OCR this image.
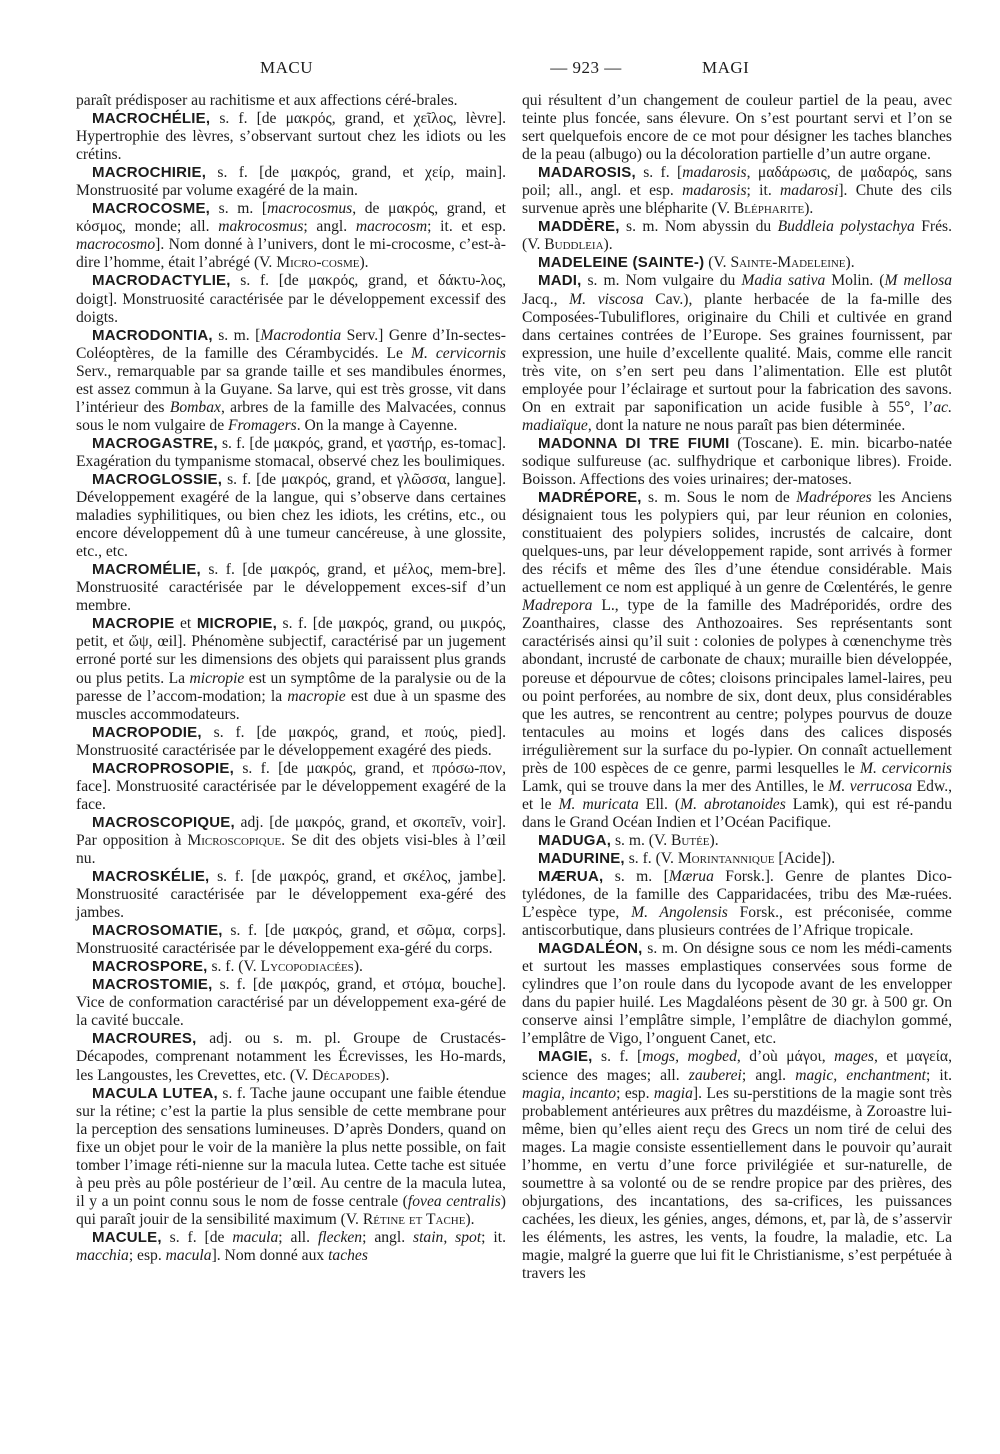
MACU	— 923 —	MAGI

paraît prédisposer au rachitisme et aux affections céré-brales.

MACROCHÉLIE, s. f. [de μακρός, grand, et χεῖλος, lèvre]. Hypertrophie des lèvres, s’observant surtout chez les idiots ou les crétins.

MACROCHIRIE, s. f. [de μακρός, grand, et χείρ, main]. Monstruosité par volume exagéré de la main.

MACROCOSME, s. m. [macrocosmus, de μακρός, grand, et κόσμος, monde; all. makrocosmus; angl. macrocosm; it. et esp. macrocosmo]. Nom donné à l’univers, dont le mi-crocosme, c’est-à-dire l’homme, était l’abrégé (V. Micro-cosme).

MACRODACTYLIE, s. f. [de μακρός, grand, et δάκτυ-λος, doigt]. Monstruosité caractérisée par le développement excessif des doigts.

MACRODONTIA, s. m. [Macrodontia Serv.] Genre d’In-sectes-Coléoptères, de la famille des Cérambycidés. Le M. cervicornis Serv., remarquable par sa grande taille et ses mandibules énormes, est assez commun à la Guyane. Sa larve, qui est très grosse, vit dans l’intérieur des Bombax, arbres de la famille des Malvacées, connus sous le nom vulgaire de Fromagers. On la mange à Cayenne.

MACROGASTRE, s. f. [de μακρός, grand, et γαστήρ, es-tomac]. Exagération du tympanisme stomacal, observé chez les boulimiques.

MACROGLOSSIE, s. f. [de μακρός, grand, et γλῶσσα, langue]. Développement exagéré de la langue, qui s’observe dans certaines maladies syphilitiques, ou bien chez les idiots, les crétins, etc., ou encore développement dû à une tumeur cancéreuse, à une glossite, etc., etc.

MACROMÉLIE, s. f. [de μακρός, grand, et μέλος, mem-bre]. Monstruosité caractérisée par le développement exces-sif d’un membre.

MACROPIE et MICROPIE, s. f. [de μακρός, grand, ou μικρός, petit, et ὤψ, œil]. Phénomène subjectif, caractérisé par un jugement erroné porté sur les dimensions des objets qui paraissent plus grands ou plus petits. La micropie est un symptôme de la paralysie ou de la paresse de l’accom-modation; la macropie est due à un spasme des muscles accommodateurs.

MACROPODIE, s. f. [de μακρός, grand, et πούς, pied]. Monstruosité caractérisée par le développement exagéré des pieds.

MACROPROSOPIE, s. f. [de μακρός, grand, et πρόσω-πον, face]. Monstruosité caractérisée par le développement exagéré de la face.

MACROSCOPIQUE, adj. [de μακρός, grand, et σκοπεῖν, voir]. Par opposition à Microscopique. Se dit des objets visi-bles à l’œil nu.

MACROSKÉLIE, s. f. [de μακρός, grand, et σκέλος, jambe]. Monstruosité caractérisée par le développement exa-géré des jambes.

MACROSOMATIE, s. f. [de μακρός, grand, et σῶμα, corps]. Monstruosité caractérisée par le développement exa-géré du corps.

MACROSPORE, s. f. (V. Lycopodiacées).

MACROSTOMIE, s. f. [de μακρός, grand, et στόμα, bouche]. Vice de conformation caractérisé par un développement exa-géré de la cavité buccale.

MACROURES, adj. ou s. m. pl. Groupe de Crustacés-Décapodes, comprenant notamment les Écrevisses, les Ho-mards, les Langoustes, les Crevettes, etc. (V. Décapodes).

MACULA LUTEA, s. f. Tache jaune occupant une faible étendue sur la rétine; c’est la partie la plus sensible de cette membrane pour la perception des sensations lumineuses. D’après Donders, quand on fixe un objet pour le voir de la manière la plus nette possible, on fait tomber l’image réti-nienne sur la macula lutea. Cette tache est située à peu près au pôle postérieur de l’œil. Au centre de la macula lutea, il y a un point connu sous le nom de fosse centrale (fovea centralis) qui paraît jouir de la sensibilité maximum (V. Rétine et Tache).

MACULE, s. f. [de macula; all. flecken; angl. stain, spot; it. macchia; esp. macula]. Nom donné aux taches

qui résultent d’un changement de couleur partiel de la peau, avec teinte plus foncée, sans élevure. On s’est pourtant servi et l’on se sert quelquefois encore de ce mot pour désigner les taches blanches de la peau (albugo) ou la décoloration partielle d’un autre organe.

MADAROSIS, s. f. [madarosis, μαδάρωσις, de μαδαρός, sans poil; all., angl. et esp. madarosis; it. madarosi]. Chute des cils survenue après une blépharite (V. Blépharite).

MADDÈRE, s. m. Nom abyssin du Buddleia polystachya Frés. (V. Buddleia).

MADELEINE (SAINTE-) (V. Sainte-Madeleine).

MADI, s. m. Nom vulgaire du Madia sativa Molin. (M mellosa Jacq., M. viscosa Cav.), plante herbacée de la fa-mille des Composées-Tubuliflores, originaire du Chili et cultivée en grand dans certaines contrées de l’Europe. Ses graines fournissent, par expression, une huile d’excellente qualité. Mais, comme elle rancit très vite, on s’en sert peu dans l’alimentation. Elle est plutôt employée pour l’éclairage et surtout pour la fabrication des savons. On en extrait par saponification un acide fusible à 55°, l’ac. madiaïque, dont la nature ne nous paraît pas bien déterminée.

MADONNA DI TRE FIUMI (Toscane). E. min. bicarbo-natée sodique sulfureuse (ac. sulfhydrique et carbonique libres). Froide. Boisson. Affections des voies urinaires; der-matoses.

MADRÉPORE, s. m. Sous le nom de Madrépores les Anciens désignaient tous les polypiers qui, par leur réunion en colonies, constituaient des polypiers solides, incrustés de calcaire, dont quelques-uns, par leur développement rapide, sont arrivés à former des récifs et même des îles d’une étendue considérable. Mais actuellement ce nom est appliqué à un genre de Cœlentérés, le genre Madrepora L., type de la famille des Madréporidés, ordre des Zoanthaires, classe des Anthozoaires. Ses représentants sont caractérisés ainsi qu’il suit : colonies de polypes à cœnenchyme très abondant, incrusté de carbonate de chaux; muraille bien développée, poreuse et dépourvue de côtes; cloisons principales lamel-laires, peu ou point perforées, au nombre de six, dont deux, plus considérables que les autres, se rencontrent au centre; polypes pourvus de douze tentacules au moins et logés dans des calices disposés irrégulièrement sur la surface du po-lypier. On connaît actuellement près de 100 espèces de ce genre, parmi lesquelles le M. cervicornis Lamk, qui se trouve dans la mer des Antilles, le M. verrucosa Edw., et le M. muricata Ell. (M. abrotanoides Lamk), qui est ré-pandu dans le Grand Océan Indien et l’Océan Pacifique.

MADUGA, s. m. (V. Butée).

MADURINE, s. f. (V. Morintannique [Acide]).

MÆRUA, s. m. [Mærua Forsk.]. Genre de plantes Dico-tylédones, de la famille des Capparidacées, tribu des Mæ-ruées. L’espèce type, M. Angolensis Forsk., est préconisée, comme antiscorbutique, dans plusieurs contrées de l’Afrique tropicale.

MAGDALÉON, s. m. On désigne sous ce nom les médi-caments et surtout les masses emplastiques conservées sous forme de cylindres que l’on roule dans du lycopode avant de les envelopper dans du papier huilé. Les Magdaléons pèsent de 30 gr. à 500 gr. On conserve ainsi l’emplâtre simple, l’emplâtre de diachylon gommé, l’emplâtre de Vigo, l’onguent Canet, etc.

MAGIE, s. f. [mogs, mogbed, d’où μάγοι, mages, et μαγεία, science des mages; all. zauberei; angl. magic, enchantment; it. magia, incanto; esp. magia]. Les su-perstitions de la magie sont très probablement antérieures aux prêtres du mazdéisme, à Zoroastre lui-même, bien qu’elles aient reçu des Grecs un nom tiré de celui des mages. La magie consiste essentiellement dans le pouvoir qu’aurait l’homme, en vertu d’une force privilégiée et sur-naturelle, de soumettre à sa volonté ou de se rendre propice par des prières, des objurgations, des incantations, des sa-crifices, les puissances cachées, les dieux, les génies, anges, démons, et, par là, de s’asservir les éléments, les astres, les vents, la foudre, la maladie, etc. La magie, malgré la guerre que lui fit le Christianisme, s’est perpétuée à travers les
